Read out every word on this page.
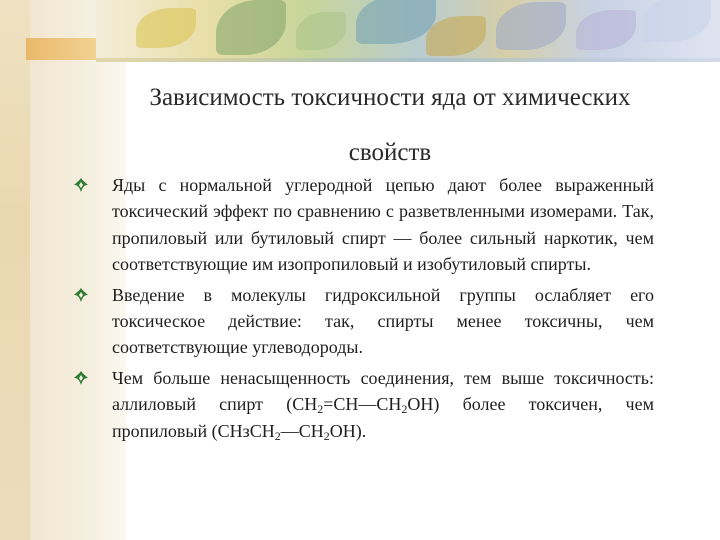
Зависимость токсичности яда от химических свойств
Яды с нормальной углеродной цепью дают более выраженный токсический эффект по сравнению с разветвленными изомерами. Так, пропиловый или бутиловый спирт — более сильный наркотик, чем соответствующие им изопропиловый и изобутиловый спирты.
Введение в молекулы гидроксильной группы ослабляет его токсическое действие: так, спирты менее токсичны, чем соответствующие углеводороды.
Чем больше ненасыщенность соединения, тем выше токсичность: аллиловый спирт $(CH_2=CH—CH_2OH)$ более токсичен, чем пропиловый $(CHзCH_2—CH_2OH)$.
